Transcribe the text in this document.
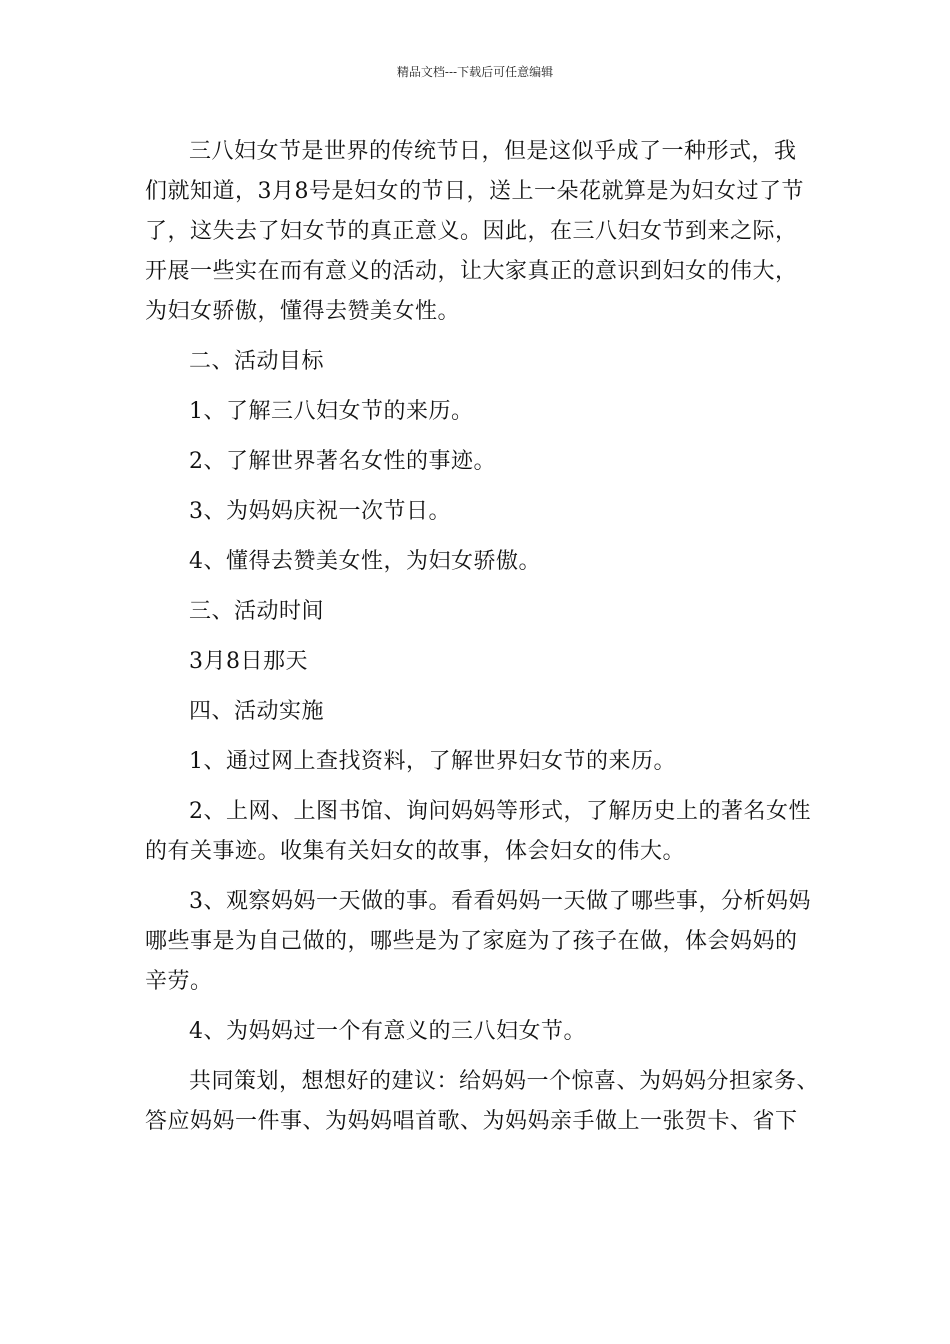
精品文档---下载后可任意编辑
三八妇女节是世界的传统节日，但是这似乎成了一种形式，我
们就知道，3月8号是妇女的节日，送上一朵花就算是为妇女过了节
了，这失去了妇女节的真正意义。因此，在三八妇女节到来之际，
开展一些实在而有意义的活动，让大家真正的意识到妇女的伟大，
为妇女骄傲，懂得去赞美女性。
二、活动目标
1、了解三八妇女节的来历。
2、了解世界著名女性的事迹。
3、为妈妈庆祝一次节日。
4、懂得去赞美女性，为妇女骄傲。
三、活动时间
3月8日那天
四、活动实施
1、通过网上查找资料，了解世界妇女节的来历。
2、上网、上图书馆、询问妈妈等形式，了解历史上的著名女性
的有关事迹。收集有关妇女的故事，体会妇女的伟大。
3、观察妈妈一天做的事。看看妈妈一天做了哪些事，分析妈妈
哪些事是为自己做的，哪些是为了家庭为了孩子在做，体会妈妈的
辛劳。
4、为妈妈过一个有意义的三八妇女节。
共同策划，想想好的建议：给妈妈一个惊喜、为妈妈分担家务、
答应妈妈一件事、为妈妈唱首歌、为妈妈亲手做上一张贺卡、省下
